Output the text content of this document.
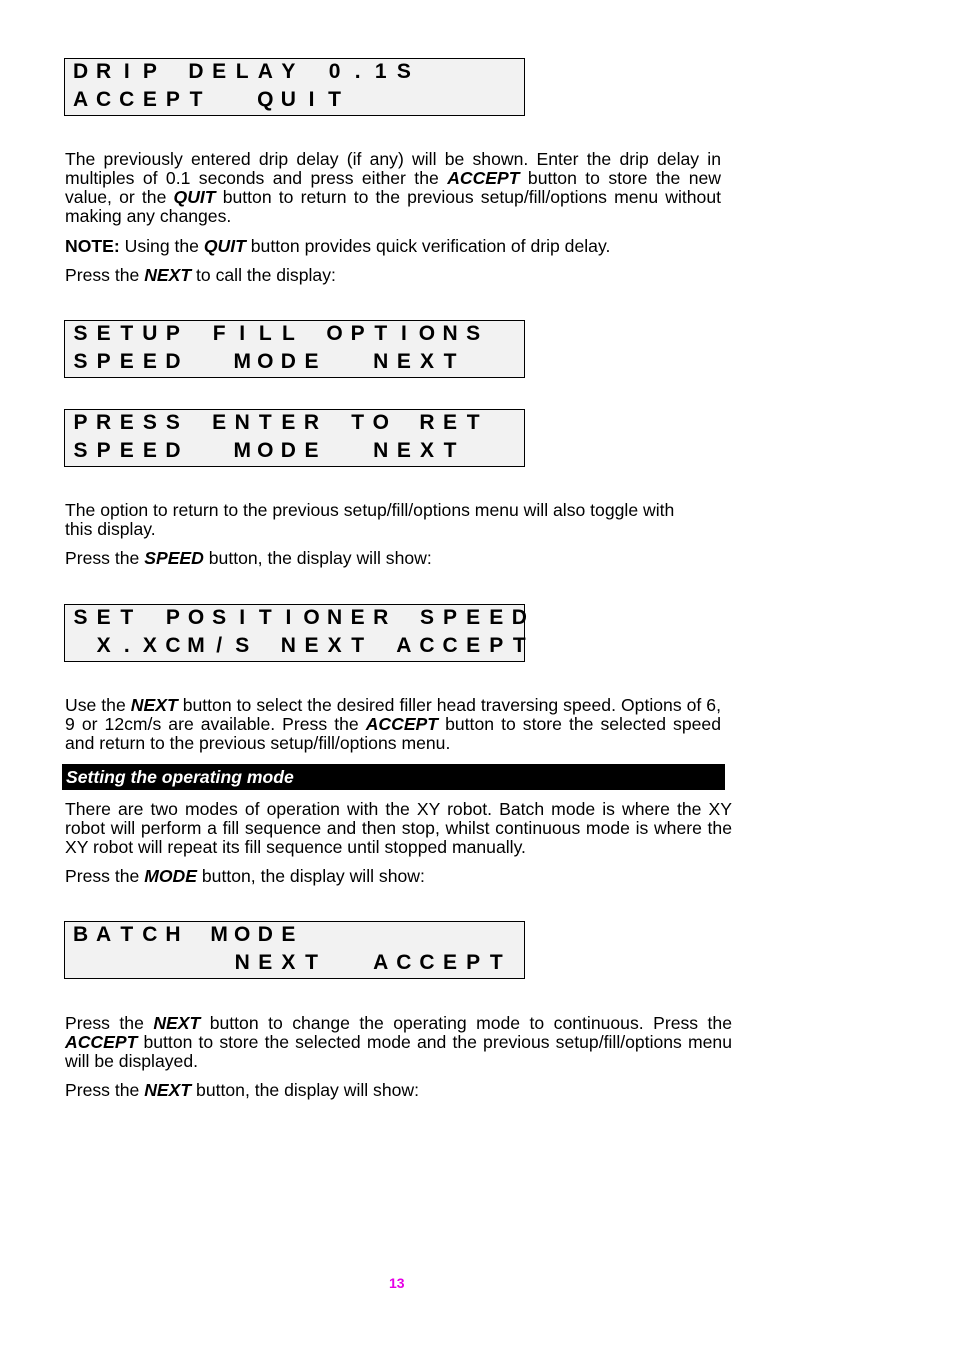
D R I P D E L A Y 0 . 1 S
A C C E P T	Q U I T

The previously entered drip delay (if any) will be shown. Enter the drip delay in multiples of 0.1 seconds and press either the ACCEPT button to store the new value, or the QUIT button to return to the previous setup/fill/options menu without making any changes.

NOTE: Using the QUIT button provides quick verification of drip delay.

Press the NEXT to call the display:

S E T U P F I L L O P T I O N S
S P E E D	M O D E	N E X T
P R E S S E N T E R T O R E T
S P E E D	M O D E	N E X T

The option to return to the previous setup/fill/options menu will also toggle with this display.

Press the SPEED button, the display will show:

S E T P O S I T I O N E R S P E E D
X . X C M / S N E X T A C C E P T

Use the NEXT button to select the desired filler head traversing speed. Options of 6, 9 or 12cm/s are available. Press the ACCEPT button to store the selected speed and return to the previous setup/fill/options menu.

Setting the operating mode

There are two modes of operation with the XY robot. Batch mode is where the XY robot will perform a fill sequence and then stop, whilst continuous mode is where the XY robot will repeat its fill sequence until stopped manually.

Press the MODE button, the display will show:

B A T C H M O D E
N E X T	A C C E P T

Press the NEXT button to change the operating mode to continuous. Press the ACCEPT button to store the selected mode and the previous setup/fill/options menu will be displayed.

Press the NEXT button, the display will show:

13
